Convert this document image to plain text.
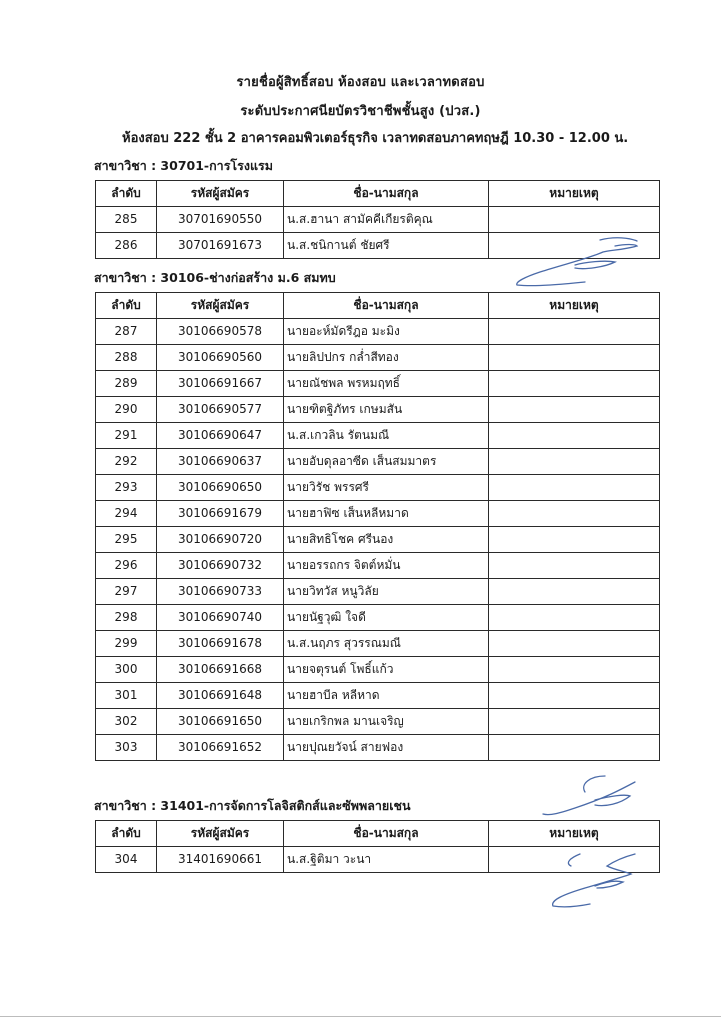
รายชื่อผู้สิทธิ์สอบ ห้องสอบ และเวลาทดสอบ
ระดับประกาศนียบัตรวิชาชีพชั้นสูง (ปวส.)
ห้องสอบ 222 ชั้น 2 อาคารคอมพิวเตอร์ธุรกิจ เวลาทดสอบภาคทฤษฎี 10.30 - 12.00 น.
สาขาวิชา : 30701-การโรงแรม
ลำดับ	รหัสผู้สมัคร	ชื่อ-นามสกุล	หมายเหตุ
285	30701690550	น.ส.ฮานา สามัคคีเกียรติคุณ	
286	30701691673	น.ส.ชนิกานต์ ชัยศรี	
สาขาวิชา : 30106-ช่างก่อสร้าง ม.6 สมทบ
ลำดับ	รหัสผู้สมัคร	ชื่อ-นามสกุล	หมายเหตุ
287	30106690578	นายอะห์มัดรีฎอ มะมิง	
288	30106690560	นายลิปปกร กล่ำสีทอง	
289	30106691667	นายณัชพล พรหมฤทธิ์	
290	30106690577	นายฑิตฐิภัทร เกษมสัน	
291	30106690647	น.ส.เกวลิน รัตนมณี	
292	30106690637	นายอับดุลอาซีด เส็นสมมาตร	
293	30106690650	นายวิรัช พรรศรี	
294	30106691679	นายฮาฟิซ เส็นหลีหมาด	
295	30106690720	นายสิทธิโชค ศรีนอง	
296	30106690732	นายอรรถกร จิตต์หมั่น	
297	30106690733	นายวิทวัส หนูวิลัย	
298	30106690740	นายนัฐวุฒิ ใจดี	
299	30106691678	น.ส.นฤภร สุวรรณมณี	
300	30106691668	นายจตุรนต์ โพธิ์แก้ว	
301	30106691648	นายฮาบีล หลีหาด	
302	30106691650	นายเกริกพล มานเจริญ	
303	30106691652	นายปุณยวัจน์ สายฟอง	
สาขาวิชา : 31401-การจัดการโลจิสติกส์และซัพพลายเชน
ลำดับ	รหัสผู้สมัคร	ชื่อ-นามสกุล	หมายเหตุ
304	31401690661	น.ส.ฐิติมา วะนา	
